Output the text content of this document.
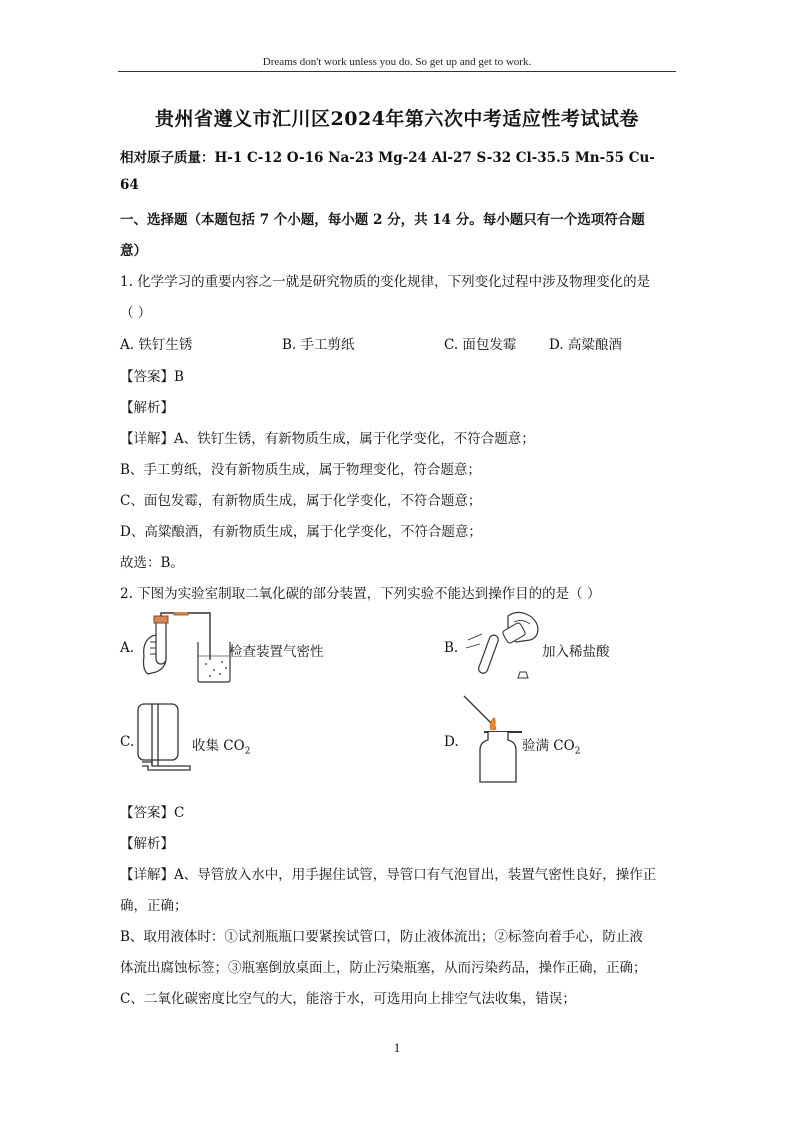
Dreams don't work unless you do. So get up and get to work.
贵州省遵义市汇川区2024年第六次中考适应性考试试卷
相对原子质量：H-1 C-12 O-16 Na-23 Mg-24 Al-27 S-32 Cl-35.5 Mn-55 Cu-
64
一、选择题（本题包括 7 个小题，每小题 2 分，共 14 分。每小题只有一个选项符合题
意）
1. 化学学习的重要内容之一就是研究物质的变化规律，下列变化过程中涉及物理变化的是
（ ）
A. 铁钉生锈	B. 手工剪纸	C. 面包发霉 D. 高粱酿酒
【答案】B
【解析】
【详解】A、铁钉生锈，有新物质生成，属于化学变化，不符合题意；
B、手工剪纸，没有新物质生成，属于物理变化，符合题意；
C、面包发霉，有新物质生成，属于化学变化，不符合题意；
D、高粱酿酒，有新物质生成，属于化学变化，不符合题意；
故选：B。
2. 下图为实验室制取二氧化碳的部分装置，下列实验不能达到操作目的的是（ ）
A.	检查装置气密性	B.	加入稀盐酸
C.	收集 $CO_2$
D.	验满 $CO_2$
【答案】C
【解析】
【详解】A、导管放入水中，用手握住试管，导管口有气泡冒出，装置气密性良好，操作正
确，正确；
B、取用液体时：①试剂瓶瓶口要紧挨试管口，防止液体流出；②标签向着手心，防止液
体流出腐蚀标签；③瓶塞倒放桌面上，防止污染瓶塞，从而污染药品，操作正确，正确；
C、二氧化碳密度比空气的大，能溶于水，可选用向上排空气法收集，错误；
1
